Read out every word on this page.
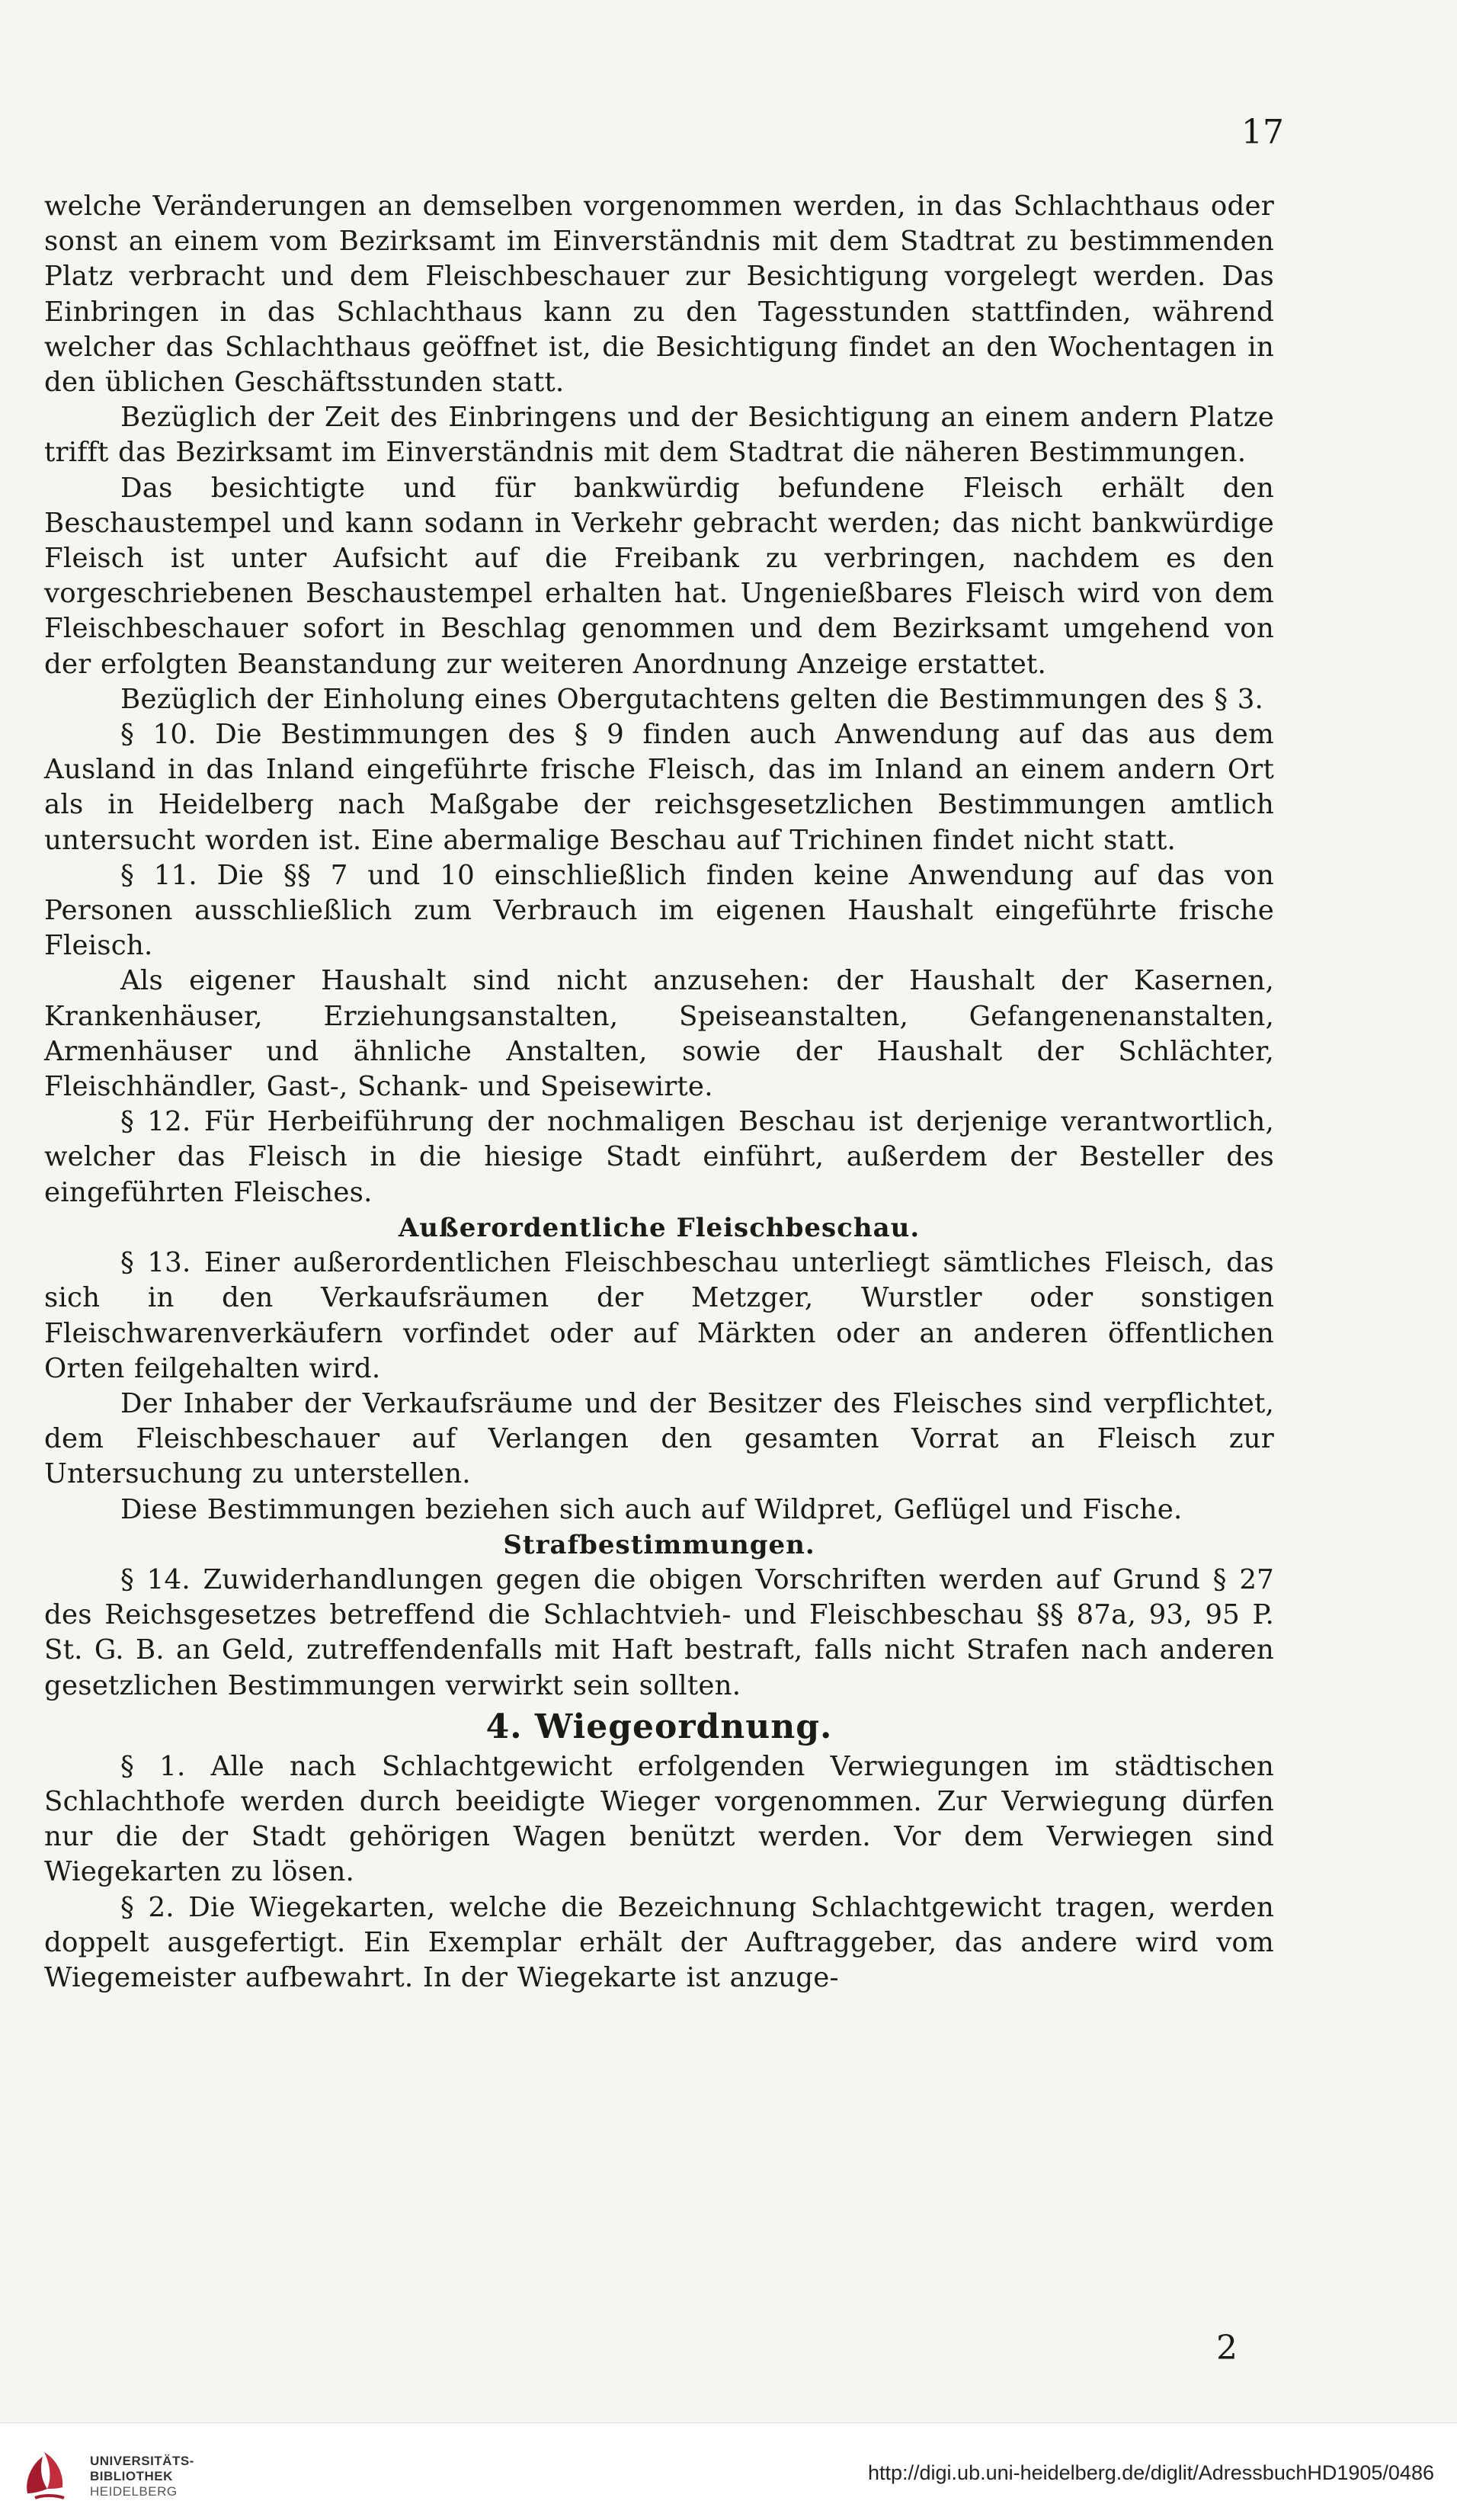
17

welche Veränderungen an demselben vorgenommen werden, in das Schlachthaus oder sonst an einem vom Bezirksamt im Einverständnis mit dem Stadtrat zu bestimmenden Platz verbracht und dem Fleischbeschauer zur Besichtigung vorgelegt werden. Das Einbringen in das Schlachthaus kann zu den Tagesstunden stattfinden, während welcher das Schlachthaus geöffnet ist, die Besichtigung findet an den Wochentagen in den üblichen Geschäftsstunden statt.

Bezüglich der Zeit des Einbringens und der Besichtigung an einem andern Platze trifft das Bezirksamt im Einverständnis mit dem Stadtrat die näheren Bestimmungen.

Das besichtigte und für bankwürdig befundene Fleisch erhält den Beschaustempel und kann sodann in Verkehr gebracht werden; das nicht bankwürdige Fleisch ist unter Aufsicht auf die Freibank zu verbringen, nachdem es den vorgeschriebenen Beschaustempel erhalten hat. Ungenießbares Fleisch wird von dem Fleischbeschauer sofort in Beschlag genommen und dem Bezirksamt umgehend von der erfolgten Beanstandung zur weiteren Anordnung Anzeige erstattet.

Bezüglich der Einholung eines Obergutachtens gelten die Bestimmungen des § 3.

§ 10. Die Bestimmungen des § 9 finden auch Anwendung auf das aus dem Ausland in das Inland eingeführte frische Fleisch, das im Inland an einem andern Ort als in Heidelberg nach Maßgabe der reichsgesetzlichen Bestimmungen amtlich untersucht worden ist. Eine abermalige Beschau auf Trichinen findet nicht statt.

§ 11. Die §§ 7 und 10 einschließlich finden keine Anwendung auf das von Personen ausschließlich zum Verbrauch im eigenen Haushalt eingeführte frische Fleisch.

Als eigener Haushalt sind nicht anzusehen: der Haushalt der Kasernen, Krankenhäuser, Erziehungsanstalten, Speiseanstalten, Gefangenenanstalten, Armenhäuser und ähnliche Anstalten, sowie der Haushalt der Schlächter, Fleischhändler, Gast-, Schank- und Speisewirte.

§ 12. Für Herbeiführung der nochmaligen Beschau ist derjenige verantwortlich, welcher das Fleisch in die hiesige Stadt einführt, außerdem der Besteller des eingeführten Fleisches.

Außerordentliche Fleischbeschau.

§ 13. Einer außerordentlichen Fleischbeschau unterliegt sämtliches Fleisch, das sich in den Verkaufsräumen der Metzger, Wurstler oder sonstigen Fleischwarenverkäufern vorfindet oder auf Märkten oder an anderen öffentlichen Orten feilgehalten wird.

Der Inhaber der Verkaufsräume und der Besitzer des Fleisches sind verpflichtet, dem Fleischbeschauer auf Verlangen den gesamten Vorrat an Fleisch zur Untersuchung zu unterstellen.

Diese Bestimmungen beziehen sich auch auf Wildpret, Geflügel und Fische.

Strafbestimmungen.

§ 14. Zuwiderhandlungen gegen die obigen Vorschriften werden auf Grund § 27 des Reichsgesetzes betreffend die Schlachtvieh- und Fleischbeschau §§ 87a, 93, 95 P. St. G. B. an Geld, zutreffendenfalls mit Haft bestraft, falls nicht Strafen nach anderen gesetzlichen Bestimmungen verwirkt sein sollten.

4. Wiegeordnung.

§ 1. Alle nach Schlachtgewicht erfolgenden Verwiegungen im städtischen Schlachthofe werden durch beeidigte Wieger vorgenommen. Zur Verwiegung dürfen nur die der Stadt gehörigen Wagen benützt werden. Vor dem Verwiegen sind Wiegekarten zu lösen.

§ 2. Die Wiegekarten, welche die Bezeichnung Schlachtgewicht tragen, werden doppelt ausgefertigt. Ein Exemplar erhält der Auftraggeber, das andere wird vom Wiegemeister aufbewahrt. In der Wiegekarte ist anzuge-

2
UNIVERSITÄTS-
BIBLIOTHEK
HEIDELBERG
http://digi.ub.uni-heidelberg.de/diglit/AdressbuchHD1905/0486
